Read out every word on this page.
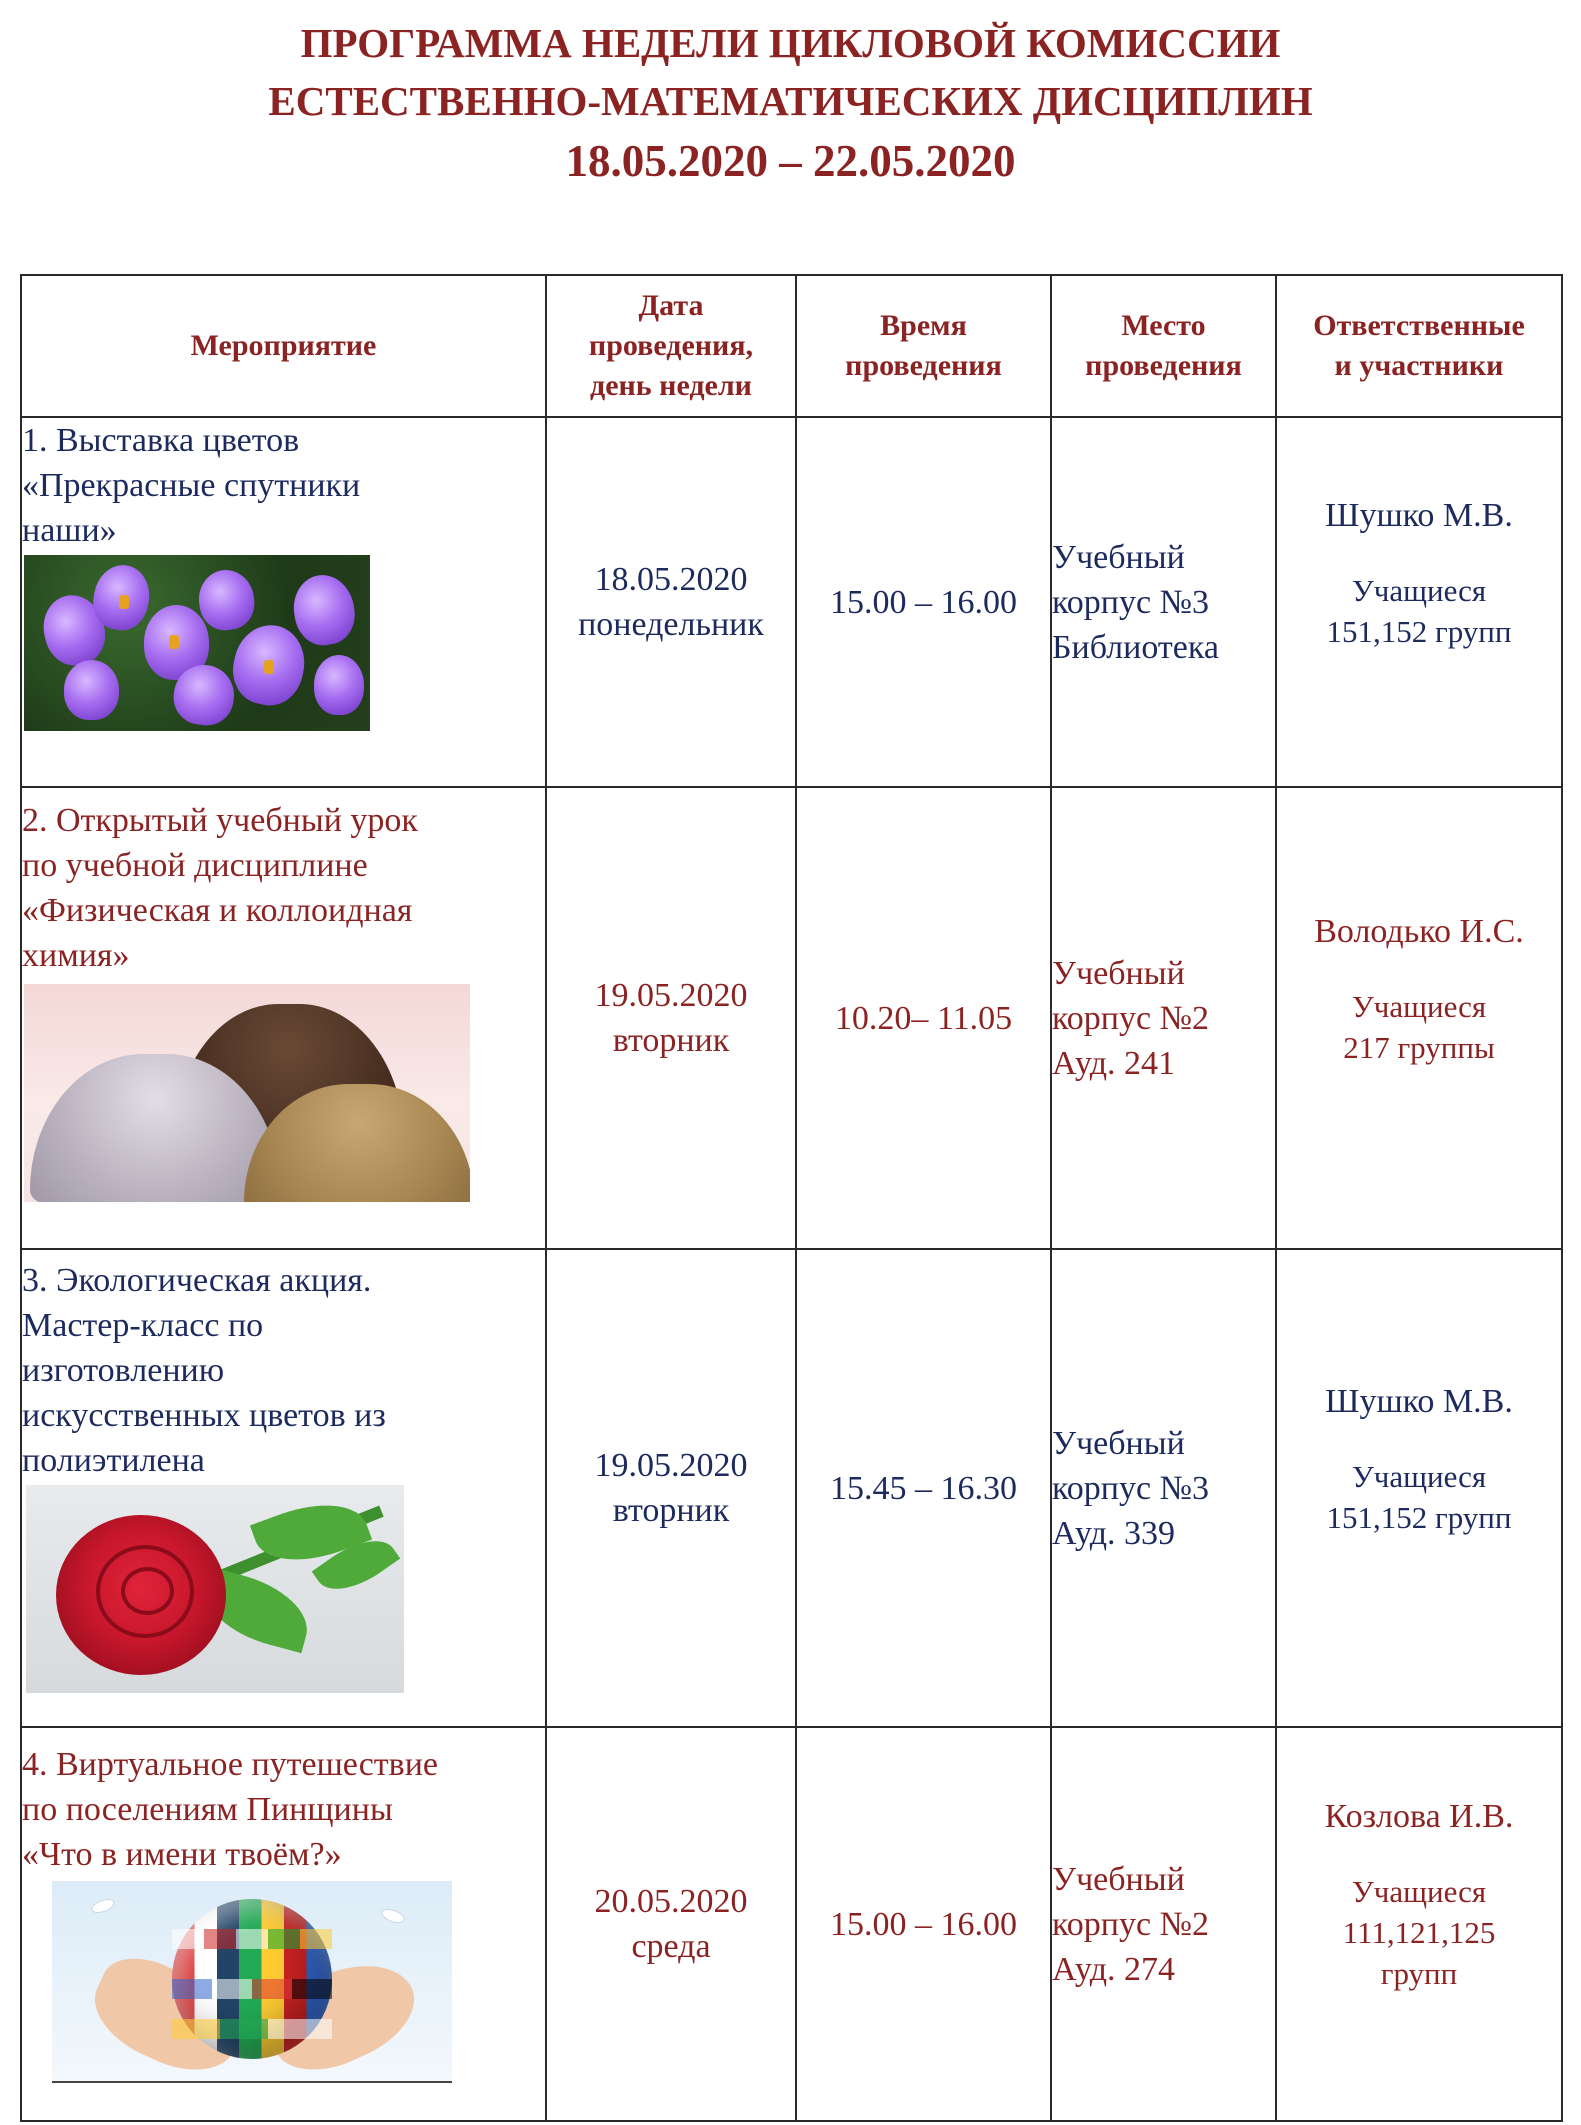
ПРОГРАММА НЕДЕЛИ ЦИКЛОВОЙ КОМИССИИ
ЕСТЕСТВЕННО-МАТЕМАТИЧЕСКИХ ДИСЦИПЛИН
18.05.2020 – 22.05.2020
Мероприятие	Дата
проведения,
день недели	Время
проведения	Место
проведения	Ответственные
и участники

1. Выставка цветов
«Прекрасные спутники
наши»	18.05.2020
понедельник	15.00 – 16.00	Учебный
корпус №3
Библиотека	Шушко М.В.
Учащиеся
151,152 групп

2. Открытый учебный урок
по учебной дисциплине
«Физическая и коллоидная
химия»	19.05.2020
вторник	10.20– 11.05	Учебный
корпус №2
Ауд. 241	Володько И.С.
Учащиеся
217 группы

3. Экологическая акция.
Мастер-класс по
изготовлению
искусственных цветов из
полиэтилена	19.05.2020
вторник	15.45 – 16.30	Учебный
корпус №3
Ауд. 339	Шушко М.В.
Учащиеся
151,152 групп

4. Виртуальное путешествие
по поселениям Пинщины
«Что в имени твоём?»	20.05.2020
среда	15.00 – 16.00	Учебный
корпус №2
Ауд. 274	Козлова И.В.
Учащиеся
111,121,125
групп
